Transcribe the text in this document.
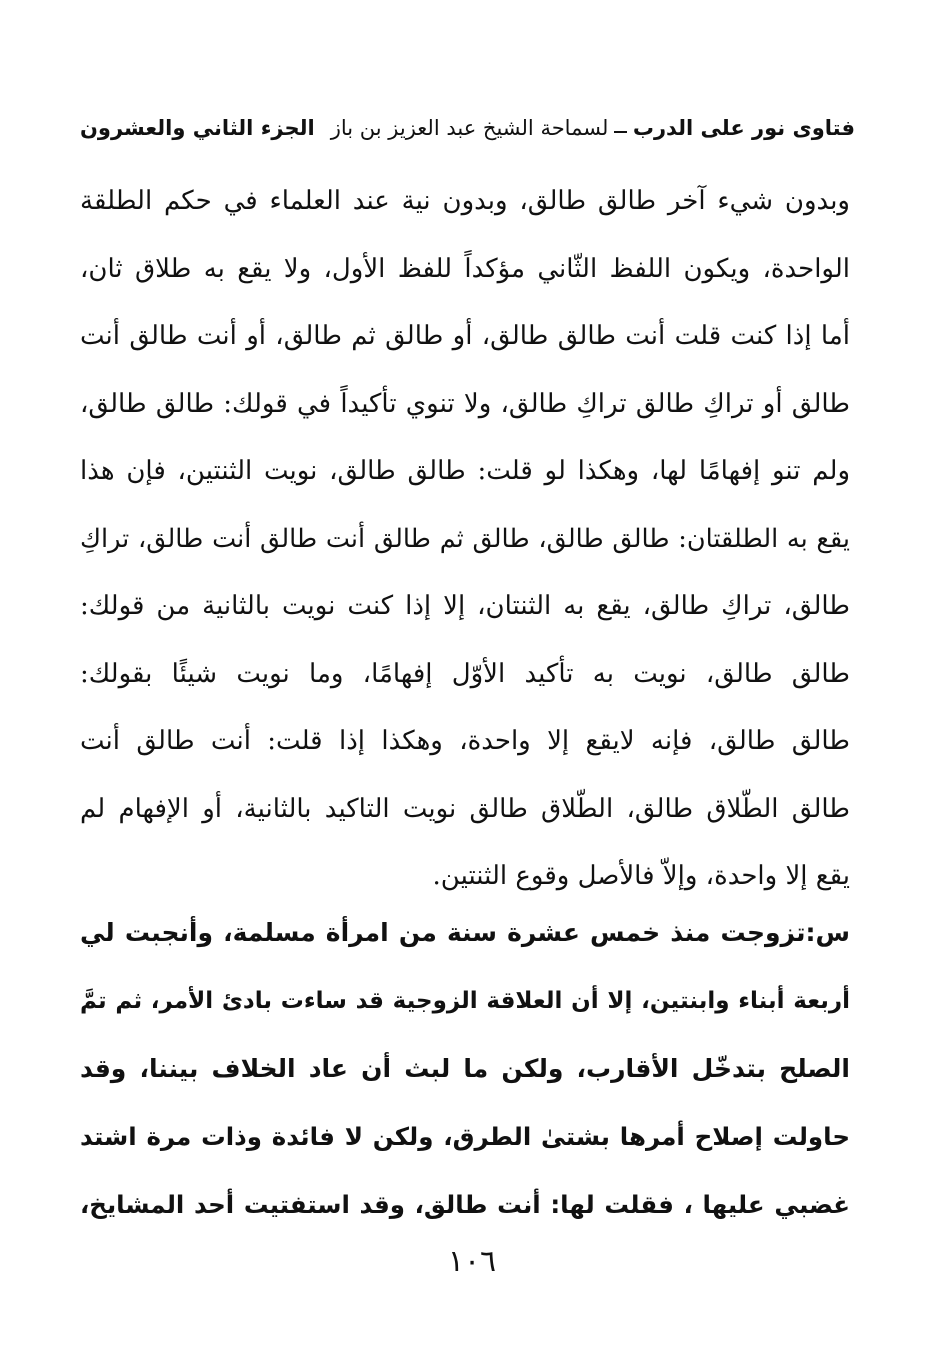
فتاوى نور على الدرب
لسماحة الشيخ عبد العزيز بن باز
الجزء الثاني والعشرون
وبدون شيء آخر طالق طالق، وبدون نية عند العلماء في حكم الطلقة
الواحدة، ويكون اللفظ الثّاني مؤكداً للفظ الأول، ولا يقع به طلاق ثان،
أما إذا كنت قلت أنت طالق طالق، أو طالق ثم طالق، أو أنت طالق أنت
طالق أو تراكِ طالق تراكِ طالق، ولا تنوي تأكيداً في قولك: طالق طالق،
ولم تنو إفهامًا لها، وهكذا لو قلت: طالق طالق، نويت الثنتين، فإن هذا
يقع به الطلقتان: طالق طالق، طالق ثم طالق أنت طالق أنت طالق، تراكِ
طالق، تراكِ طالق، يقع به الثنتان، إلا إذا كنت نويت بالثانية من قولك:
طالق طالق، نويت به تأكيد الأوّل إفهامًا، وما نويت شيئًا بقولك:
طالق طالق، فإنه لايقع إلا واحدة، وهكذا إذا قلت: أنت طالق أنت
طالق الطّلاق طالق، الطّلاق طالق نويت التاكيد بالثانية، أو الإفهام لم
يقع إلا واحدة، وإلاّ فالأصل وقوع الثنتين.
س:تزوجت منذ خمس عشرة سنة من امرأة مسلمة، وأنجبت لي
أربعة أبناء وابنتين، إلا أن العلاقة الزوجية قد ساءت بادئ الأمر، ثم تمَّ
الصلح بتدخّل الأقارب، ولكن ما لبث أن عاد الخلاف بيننا، وقد
حاولت إصلاح أمرها بشتىٰ الطرق، ولكن لا فائدة وذات مرة اشتد
غضبي عليها ، فقلت لها: أنت طالق، وقد استفتيت أحد المشايخ،
١٠٦
